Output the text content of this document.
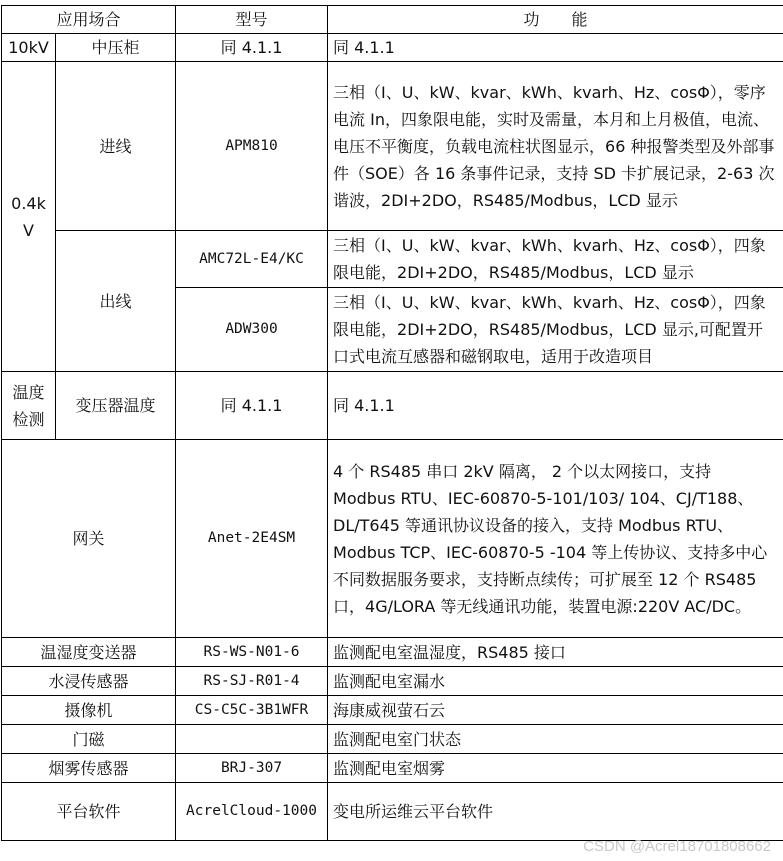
应用场合		型号	功　　能
10kV	中压柜	同 4.1.1	同 4.1.1
0.4k V	进线	APM810	三相（I、U、kW、kvar、kWh、kvarh、Hz、cosΦ），零序电流 In，四象限电能，实时及需量，本月和上月极值，电流、电压不平衡度，负载电流柱状图显示，66 种报警类型及外部事件（SOE）各 16 条事件记录，支持 SD 卡扩展记录，2-63 次谐波，2DI+2DO，RS485/Modbus，LCD 显示
	出线	AMC72L-E4/KC	三相（I、U、kW、kvar、kWh、kvarh、Hz、cosΦ），四象限电能，2DI+2DO，RS485/Modbus，LCD 显示
		ADW300	三相（I、U、kW、kvar、kWh、kvarh、Hz、cosΦ），四象限电能，2DI+2DO，RS485/Modbus，LCD 显示,可配置开口式电流互感器和磁钢取电，适用于改造项目
温度检测	变压器温度	同 4.1.1	同 4.1.1
网关		Anet-2E4SM	4 个 RS485 串口 2kV 隔离， 2 个以太网接口，支持 Modbus RTU、IEC-60870-5-101/103/ 104、CJ/T188、DL/T645 等通讯协议设备的接入，支持 Modbus RTU、Modbus TCP、IEC-60870-5 -104 等上传协议、支持多中心不同数据服务要求，支持断点续传；可扩展至 12 个 RS485 口，4G/LORA 等无线通讯功能，装置电源:220V AC/DC。
温湿度变送器		RS-WS-N01-6	监测配电室温湿度，RS485 接口
水浸传感器		RS-SJ-R01-4	监测配电室漏水
摄像机		CS-C5C-3B1WFR	海康威视萤石云
门磁			监测配电室门状态
烟雾传感器		BRJ-307	监测配电室烟雾
平台软件		AcrelCloud-1000	变电所运维云平台软件
CSDN @Acrel18701808662
